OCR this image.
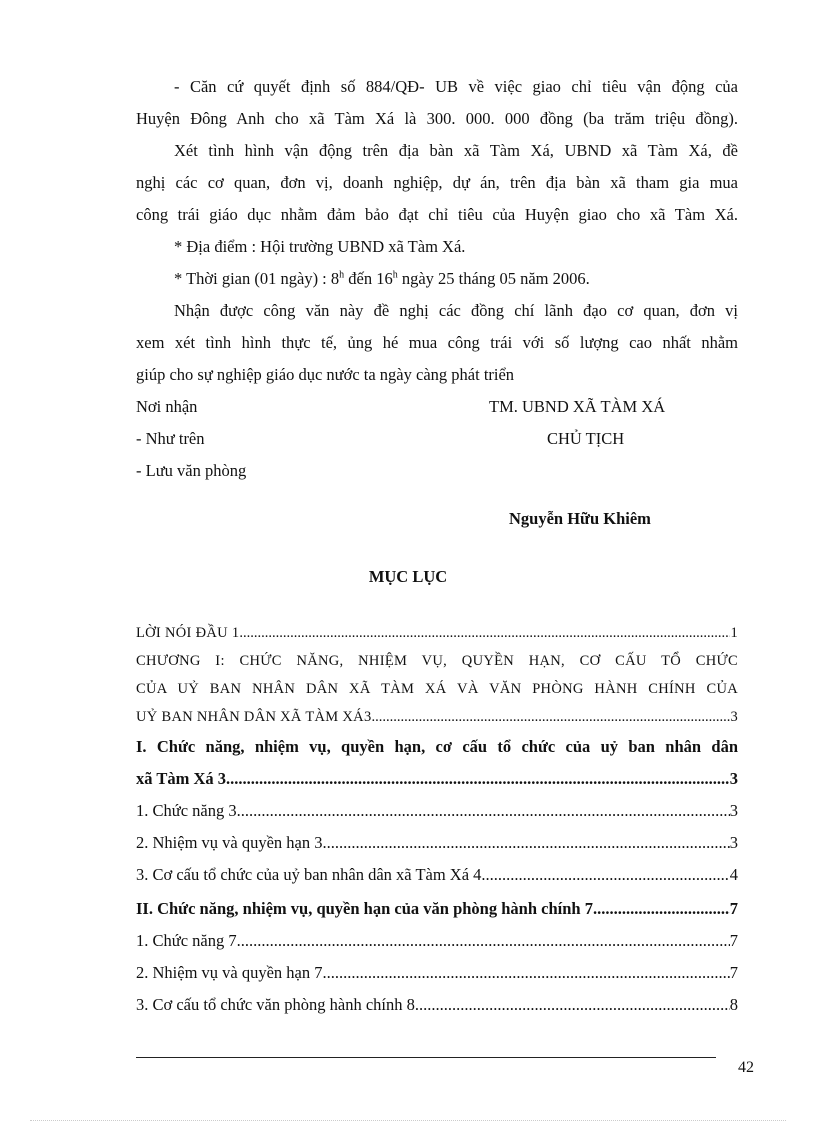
- Căn cứ quyết định số 884/QĐ- UB về việc giao chỉ tiêu vận động của
Huyện Đông Anh cho xã Tàm Xá là 300. 000. 000 đồng (ba trăm triệu đồng).
Xét tình hình vận động trên địa bàn xã Tàm Xá, UBND xã Tàm Xá, đề
nghị các cơ quan, đơn vị, doanh nghiệp, dự án, trên địa bàn xã tham gia mua
công trái giáo dục nhằm đảm bảo đạt chỉ tiêu của Huyện giao cho xã Tàm Xá.
* Địa điểm : Hội trường UBND xã Tàm Xá.
* Thời gian (01 ngày) : 8$^h$ đến 16$^h$ ngày 25 tháng 05 năm 2006.
Nhận được công văn này đề nghị các đồng chí lãnh đạo cơ quan, đơn vị
xem xét tình hình thực tế, ủng hé mua công trái với số lượng cao nhất nhằm
giúp cho sự nghiệp giáo dục nước ta ngày càng phát triển
Nơi nhận	TM. UBND XÃ TÀM XÁ
- Như trên	CHỦ TỊCH
- Lưu văn phòng
Nguyễn Hữu Khiêm
MỤC LỤC
LỜI NÓI ĐẦU 1 .....	1
CHƯƠNG I: CHỨC NĂNG, NHIỆM VỤ, QUYỀN HẠN, CƠ CẤU TỔ CHỨC
CỦA UỶ BAN NHÂN DÂN XÃ TÀM XÁ VÀ VĂN PHÒNG HÀNH CHÍNH CỦA
UỶ BAN NHÂN DÂN XÃ TÀM XÁ3 .....	3
I. Chức năng, nhiệm vụ, quyền hạn, cơ cấu tổ chức của uỷ ban nhân dân
xã Tàm Xá 3 .....	3
1. Chức năng 3 .....	3
2. Nhiệm vụ và quyền hạn 3 .....	3
3. Cơ cấu tổ chức của uỷ ban nhân dân xã Tàm Xá 4 .....	4
II. Chức năng, nhiệm vụ, quyền hạn của văn phòng hành chính 7 .....	7
1. Chức năng 7 .....	7
2. Nhiệm vụ và quyền hạn 7 .....	7
3. Cơ cấu tổ chức văn phòng hành chính 8 .....	8
42
